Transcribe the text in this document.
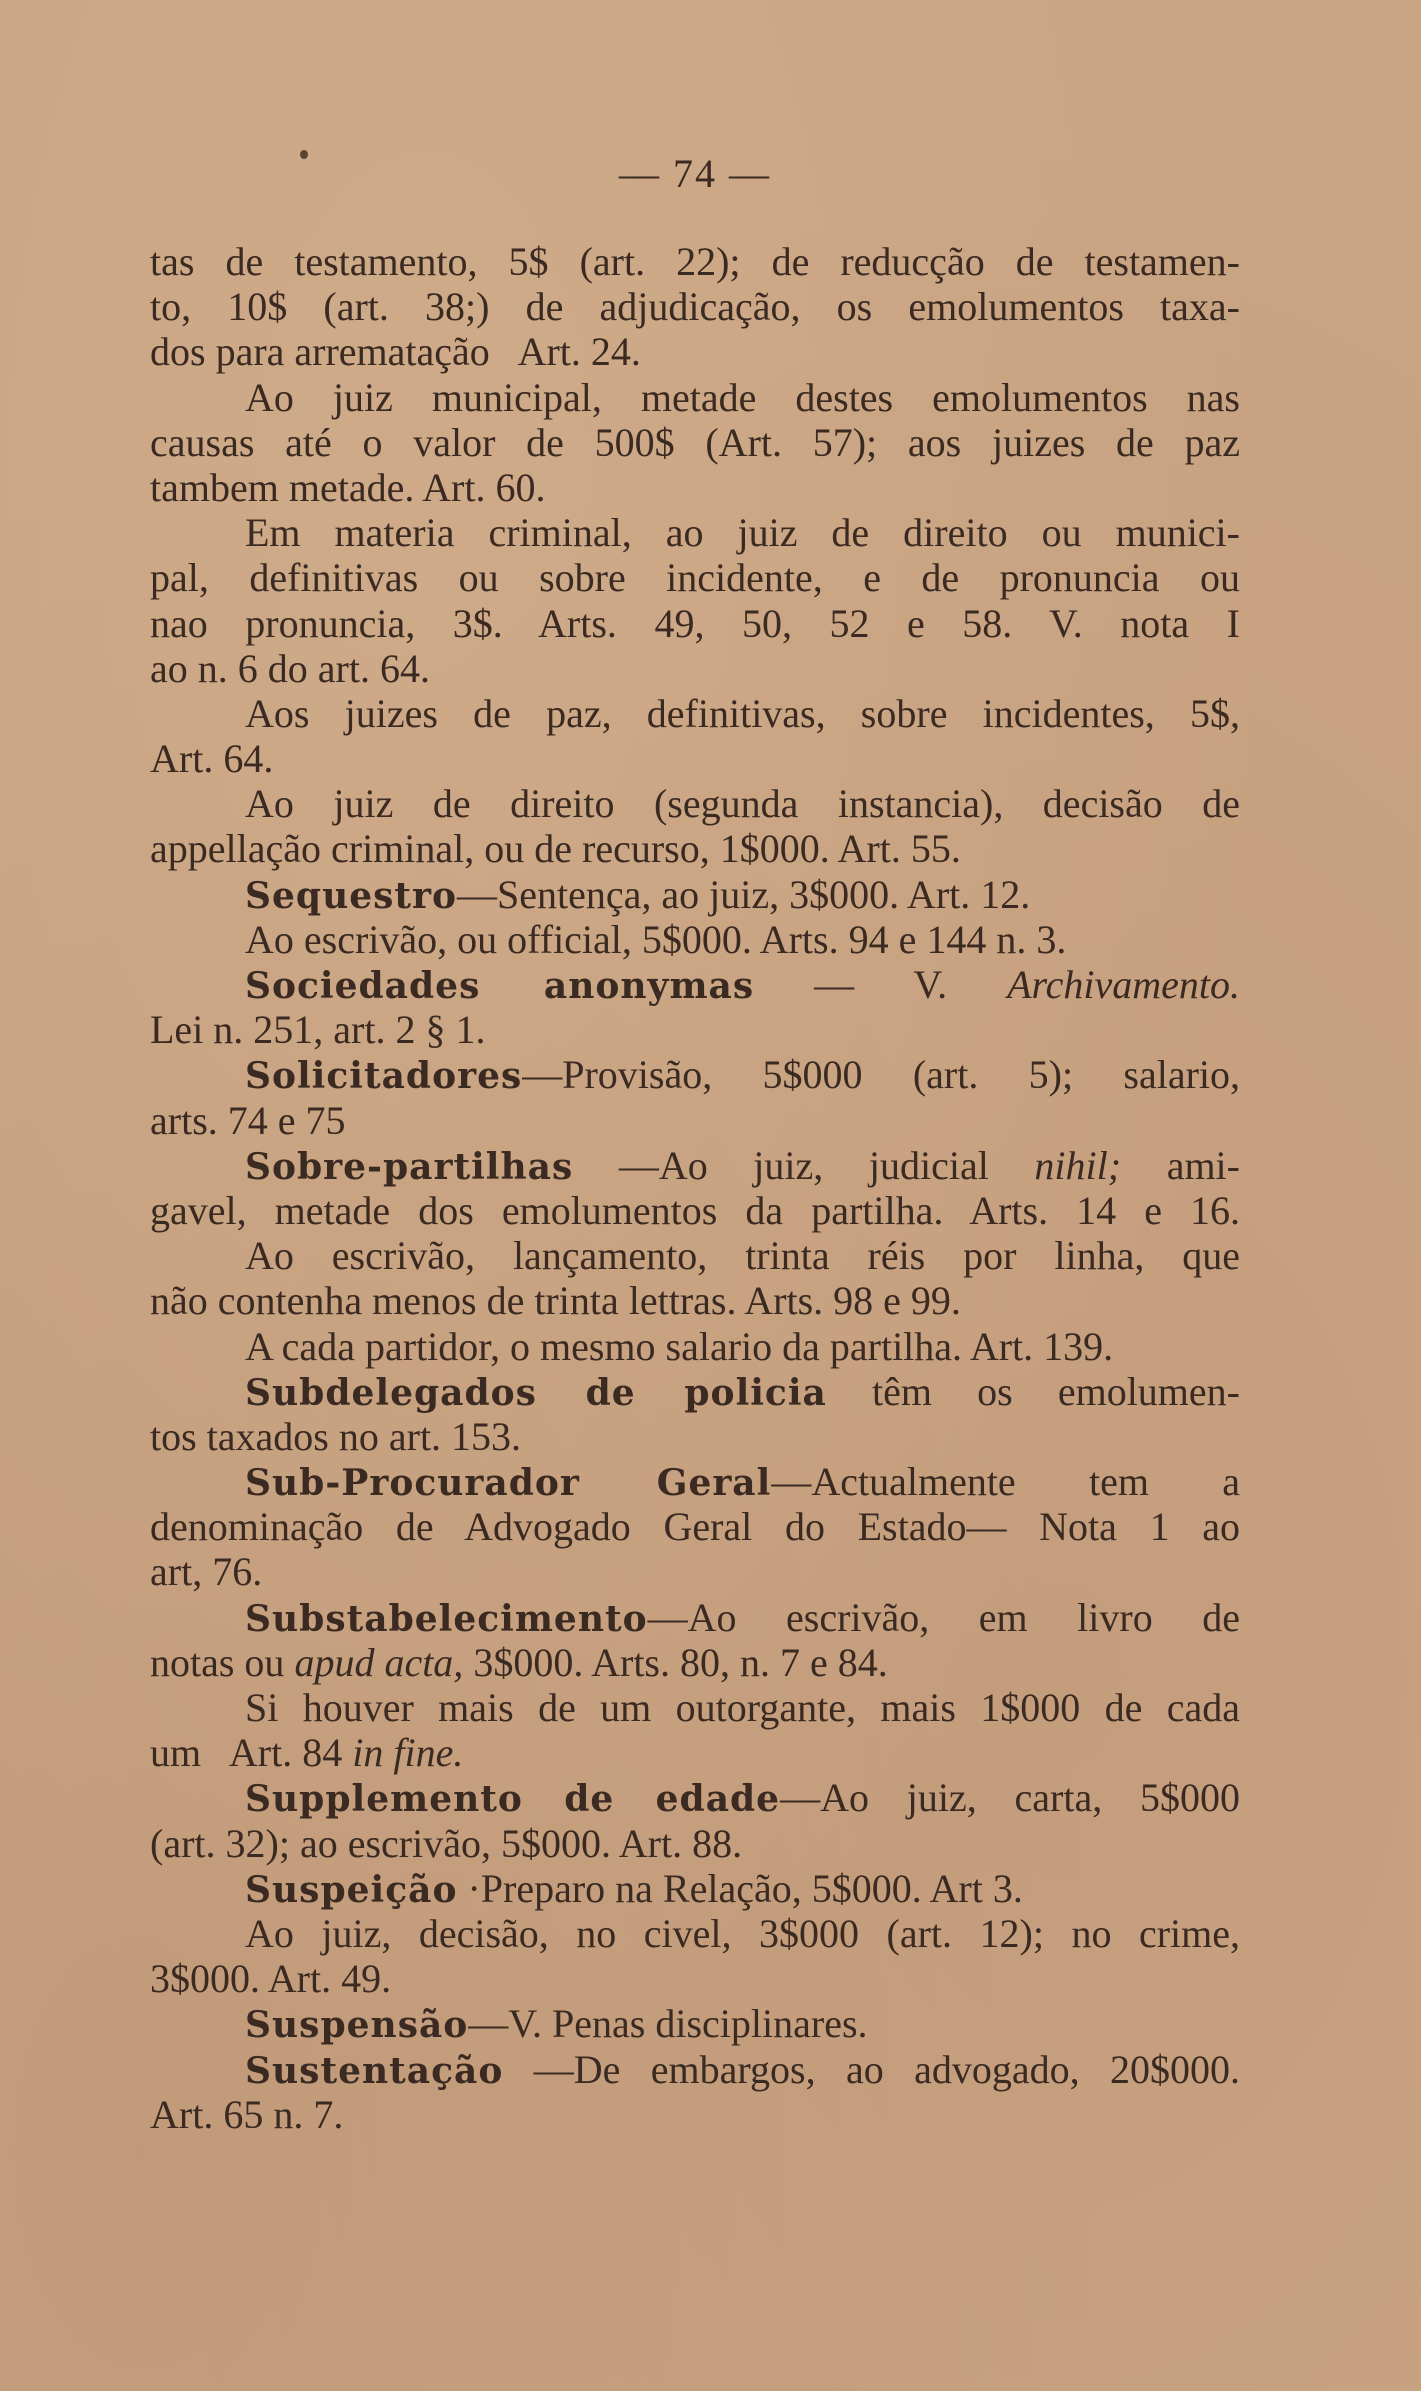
— 74 —
tas de testamento, 5$ (art. 22); de reducção de testamen-
to, 10$ (art. 38;) de adjudicação, os emolumentos taxa-
dos para arrematação   Art. 24.
Ao juiz municipal, metade destes emolumentos nas
causas até o valor de 500$ (Art. 57); aos juizes de paz
tambem metade. Art. 60.
Em materia criminal, ao juiz de direito ou munici-
pal, definitivas ou sobre incidente, e de pronuncia ou
nao pronuncia, 3$. Arts. 49, 50, 52 e 58. V. nota I
ao n. 6 do art. 64.
Aos juizes de paz, definitivas, sobre incidentes, 5$,
Art. 64.
Ao juiz de direito (segunda instancia), decisão de
appellação criminal, ou de recurso, 1$000. Art. 55.
Sequestro—Sentença, ao juiz, 3$000. Art. 12.
Ao escrivão, ou official, 5$000. Arts. 94 e 144 n. 3.
Sociedades anonymas — V. Archivamento.
Lei n. 251, art. 2 § 1.
Solicitadores—Provisão, 5$000 (art. 5); salario,
arts. 74 e 75
Sobre-partilhas —Ao juiz, judicial nihil; ami-
gavel, metade dos emolumentos da partilha. Arts. 14 e 16.
Ao escrivão, lançamento, trinta réis por linha, que
não contenha menos de trinta lettras. Arts. 98 e 99.
A cada partidor, o mesmo salario da partilha. Art. 139.
Subdelegados de policia têm os emolumen-
tos taxados no art. 153.
Sub-Procurador Geral—Actualmente tem a
denominação de Advogado Geral do Estado— Nota 1 ao
art, 76.
Substabelecimento—Ao escrivão, em livro de
notas ou apud acta, 3$000. Arts. 80, n. 7 e 84.
Si houver mais de um outorgante, mais 1$000 de cada
um   Art. 84 in fine.
Supplemento de edade—Ao juiz, carta, 5$000
(art. 32); ao escrivão, 5$000. Art. 88.
Suspeição ·Preparo na Relação, 5$000. Art 3.
Ao juiz, decisão, no civel, 3$000 (art. 12); no crime,
3$000. Art. 49.
Suspensão—V. Penas disciplinares.
Sustentação —De embargos, ao advogado, 20$000.
Art. 65 n. 7.
